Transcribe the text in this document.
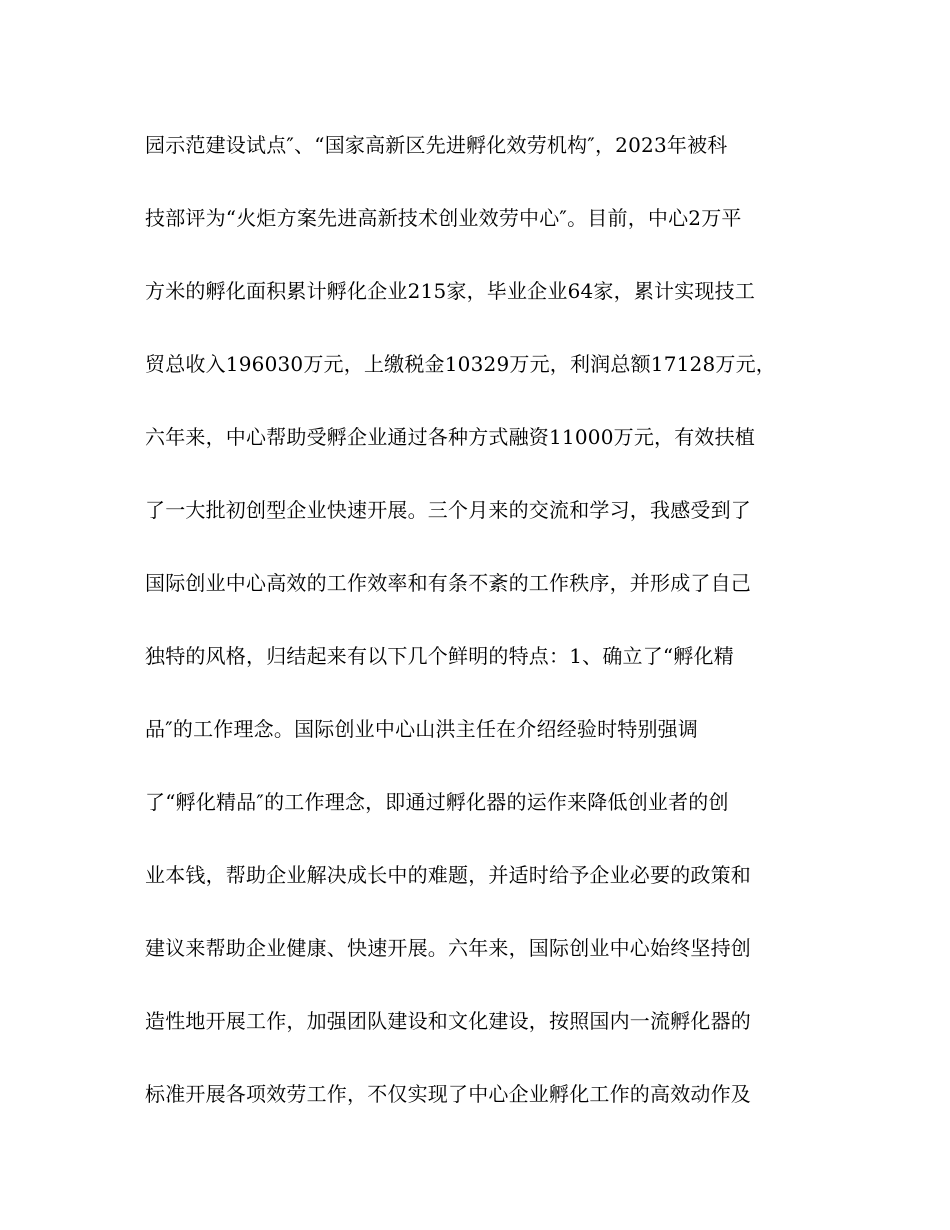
园示范建设试点″、“国家高新区先进孵化效劳机构″，2023年被科
技部评为“火炬方案先进高新技术创业效劳中心″。目前，中心2万平
方米的孵化面积累计孵化企业215家，毕业企业64家，累计实现技工
贸总收入196030万元，上缴税金10329万元，利润总额17128万元，
六年来，中心帮助受孵企业通过各种方式融资11000万元，有效扶植
了一大批初创型企业快速开展。三个月来的交流和学习，我感受到了
国际创业中心高效的工作效率和有条不紊的工作秩序，并形成了自己
独特的风格，归结起来有以下几个鲜明的特点：1、确立了“孵化精
品″的工作理念。国际创业中心山洪主任在介绍经验时特别强调
了“孵化精品″的工作理念，即通过孵化器的运作来降低创业者的创
业本钱，帮助企业解决成长中的难题，并适时给予企业必要的政策和
建议来帮助企业健康、快速开展。六年来，国际创业中心始终坚持创
造性地开展工作，加强团队建设和文化建设，按照国内一流孵化器的
标准开展各项效劳工作，不仅实现了中心企业孵化工作的高效动作及
